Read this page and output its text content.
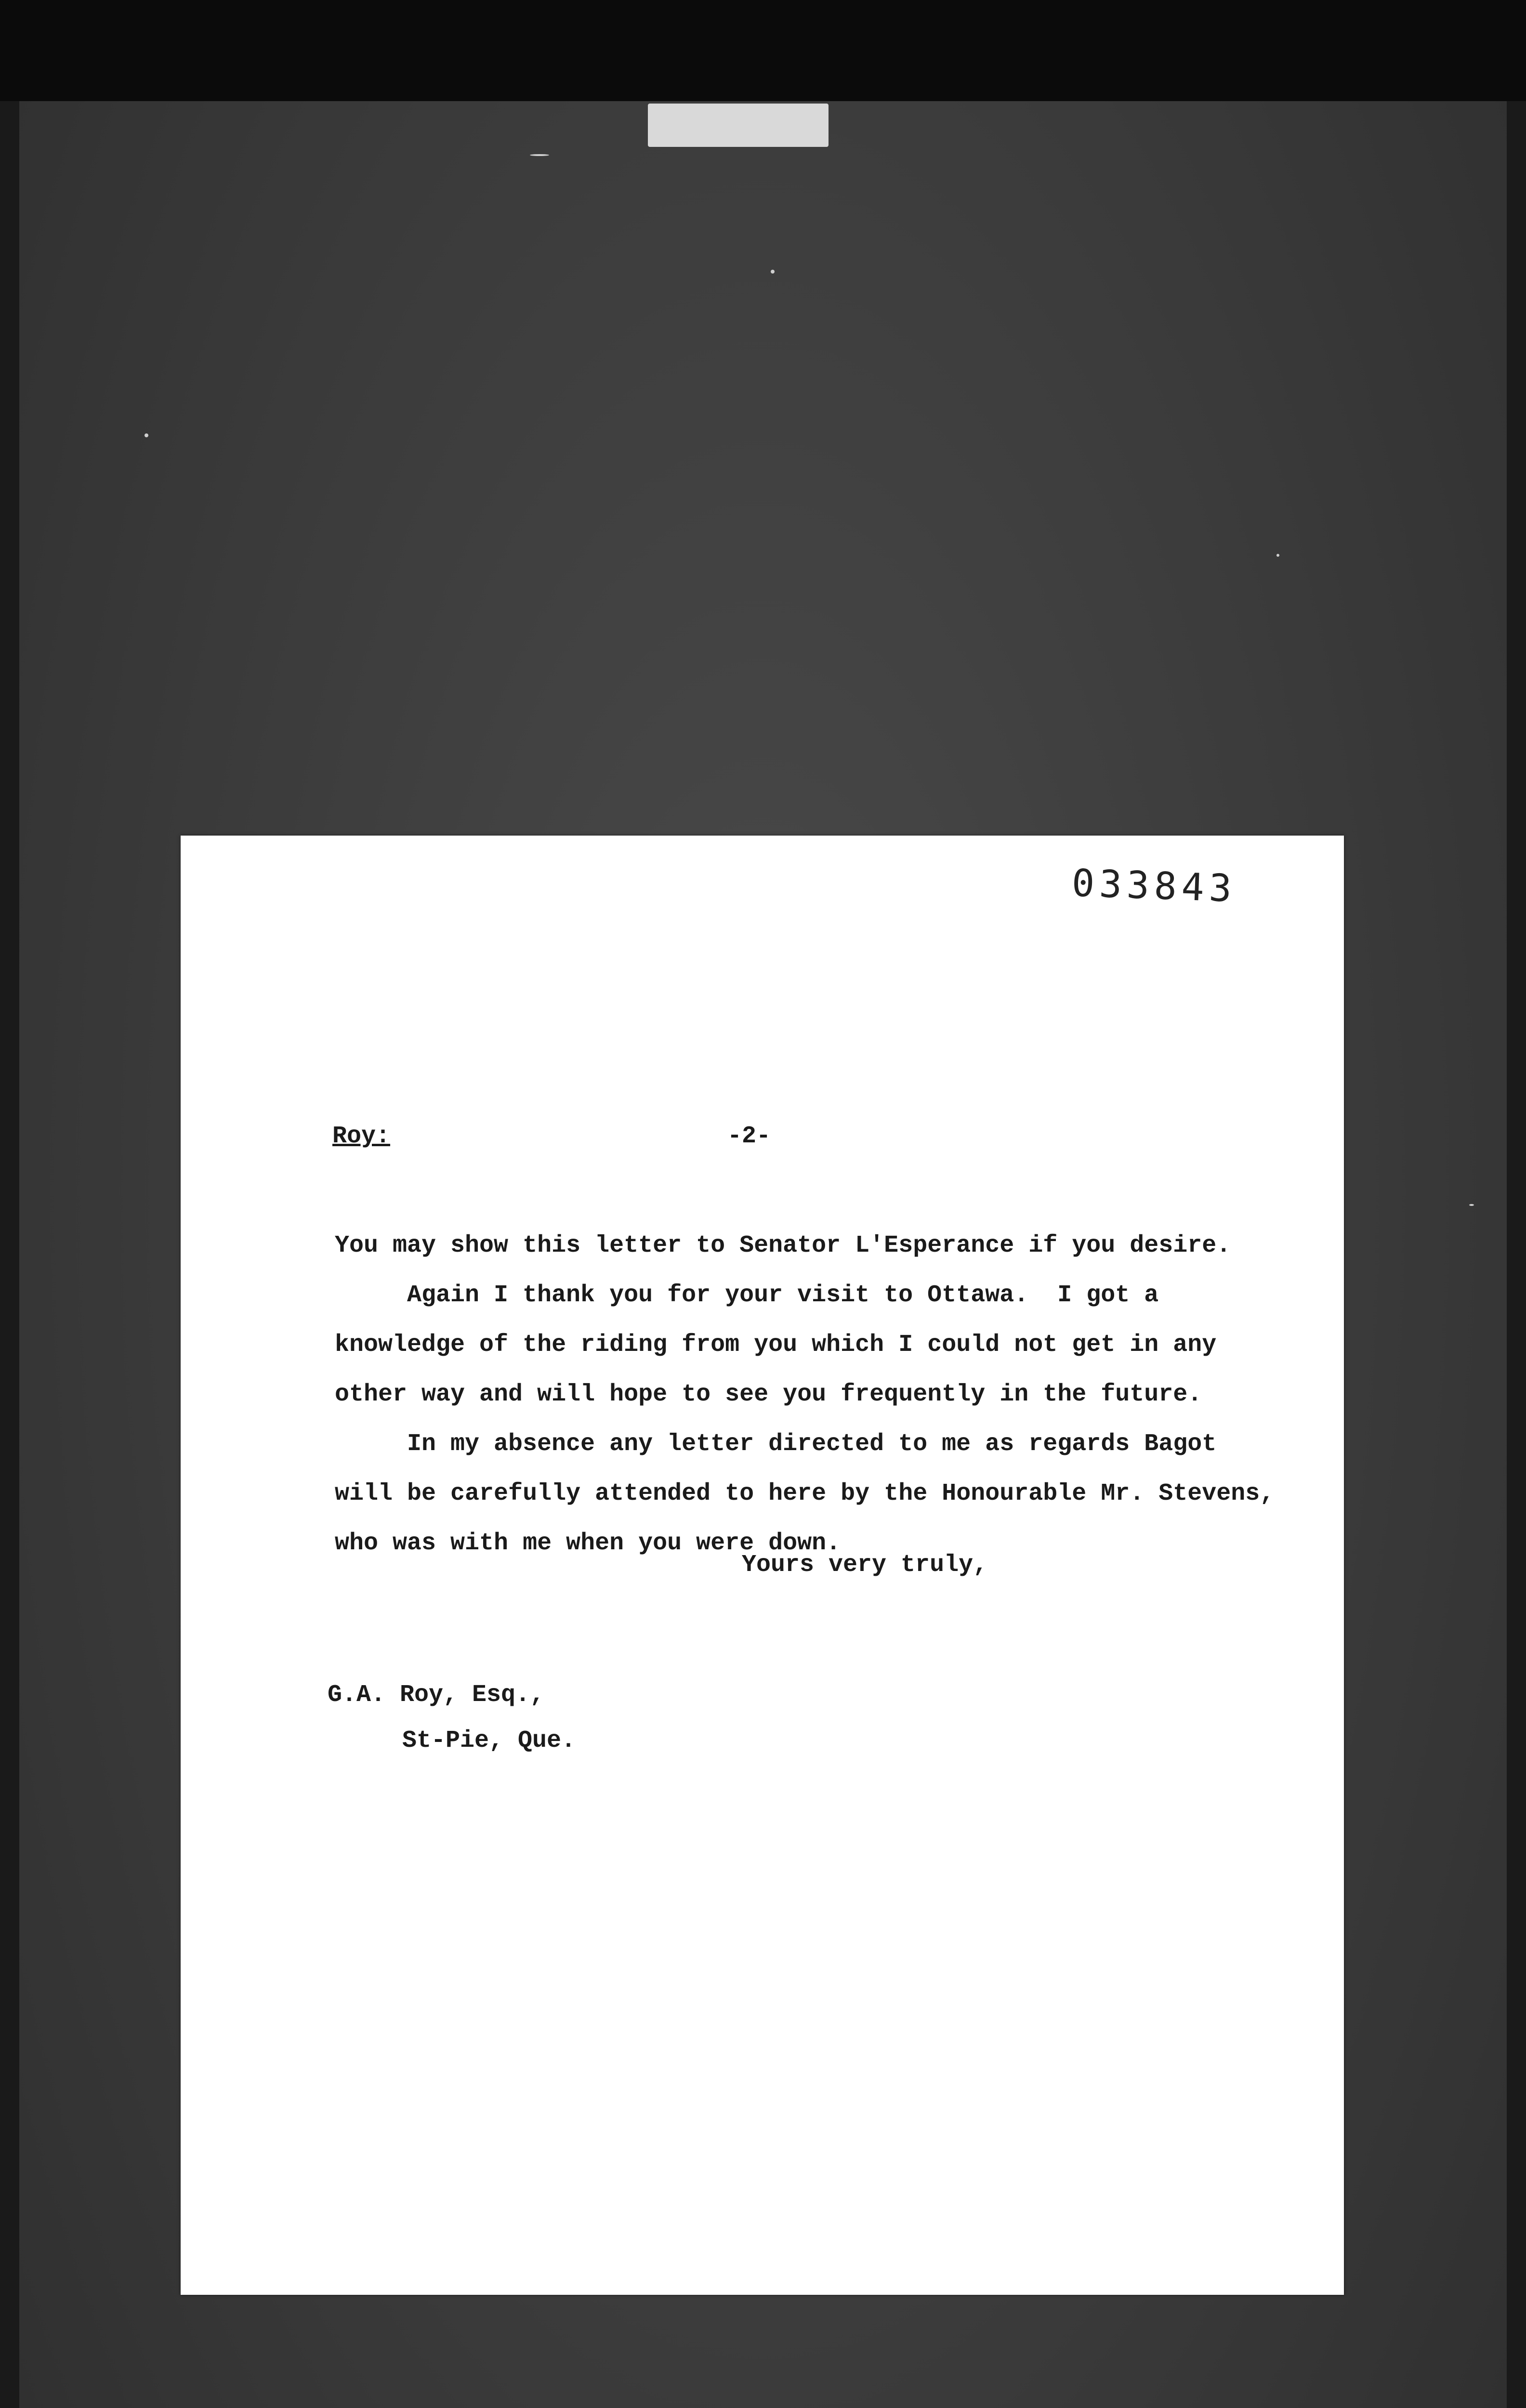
033843
Roy:	-2-
You may show this letter to Senator L'Esperance if you desire.
Again I thank you for your visit to Ottawa.  I got a
knowledge of the riding from you which I could not get in any
other way and will hope to see you frequently in the future.
In my absence any letter directed to me as regards Bagot
will be carefully attended to here by the Honourable Mr. Stevens,
who was with me when you were down.
Yours very truly,
G.A. Roy, Esq.,
St-Pie, Que.
